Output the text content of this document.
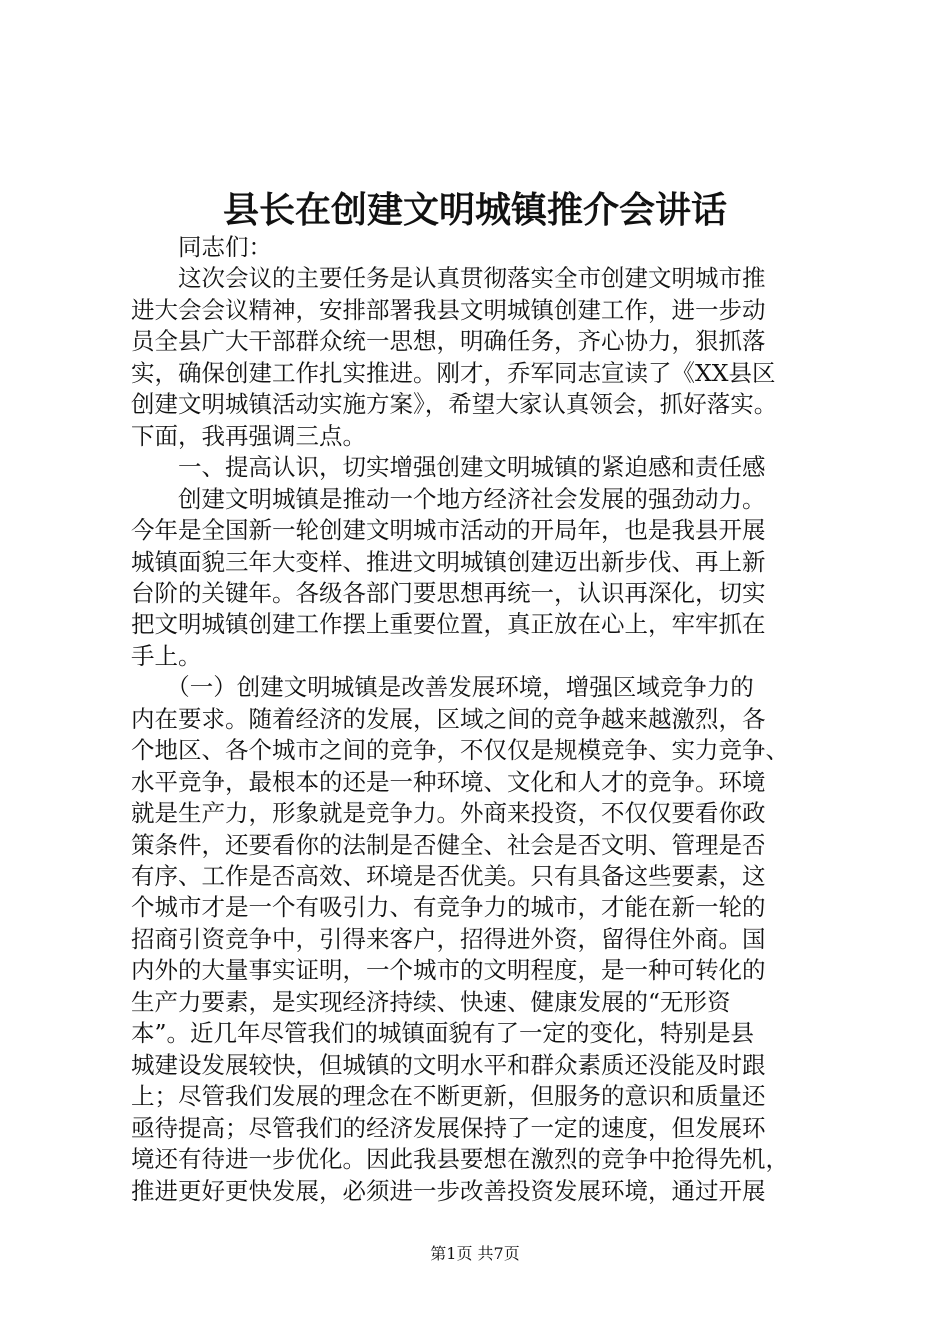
县长在创建文明城镇推介会讲话

　　同志们：

　　这次会议的主要任务是认真贯彻落实全市创建文明城市推

进大会会议精神，安排部署我县文明城镇创建工作，进一步动

员全县广大干部群众统一思想，明确任务，齐心协力，狠抓落

实，确保创建工作扎实推进。刚才，乔军同志宣读了《XX县区

创建文明城镇活动实施方案》，希望大家认真领会，抓好落实。

下面，我再强调三点。

　　一、提高认识，切实增强创建文明城镇的紧迫感和责任感

　　创建文明城镇是推动一个地方经济社会发展的强劲动力。

今年是全国新一轮创建文明城市活动的开局年，也是我县开展

城镇面貌三年大变样、推进文明城镇创建迈出新步伐、再上新

台阶的关键年。各级各部门要思想再统一，认识再深化，切实

把文明城镇创建工作摆上重要位置，真正放在心上，牢牢抓在

手上。

　　（一）创建文明城镇是改善发展环境，增强区域竞争力的

内在要求。随着经济的发展，区域之间的竞争越来越激烈，各

个地区、各个城市之间的竞争，不仅仅是规模竞争、实力竞争、

水平竞争，最根本的还是一种环境、文化和人才的竞争。环境

就是生产力，形象就是竞争力。外商来投资，不仅仅要看你政

策条件，还要看你的法制是否健全、社会是否文明、管理是否

有序、工作是否高效、环境是否优美。只有具备这些要素，这

个城市才是一个有吸引力、有竞争力的城市，才能在新一轮的

招商引资竞争中，引得来客户，招得进外资，留得住外商。国

内外的大量事实证明，一个城市的文明程度，是一种可转化的

生产力要素，是实现经济持续、快速、健康发展的“无形资

本”。近几年尽管我们的城镇面貌有了一定的变化，特别是县

城建设发展较快，但城镇的文明水平和群众素质还没能及时跟

上；尽管我们发展的理念在不断更新，但服务的意识和质量还

亟待提高；尽管我们的经济发展保持了一定的速度，但发展环

境还有待进一步优化。因此我县要想在激烈的竞争中抢得先机，

推进更好更快发展，必须进一步改善投资发展环境，通过开展

第1页 共7页
